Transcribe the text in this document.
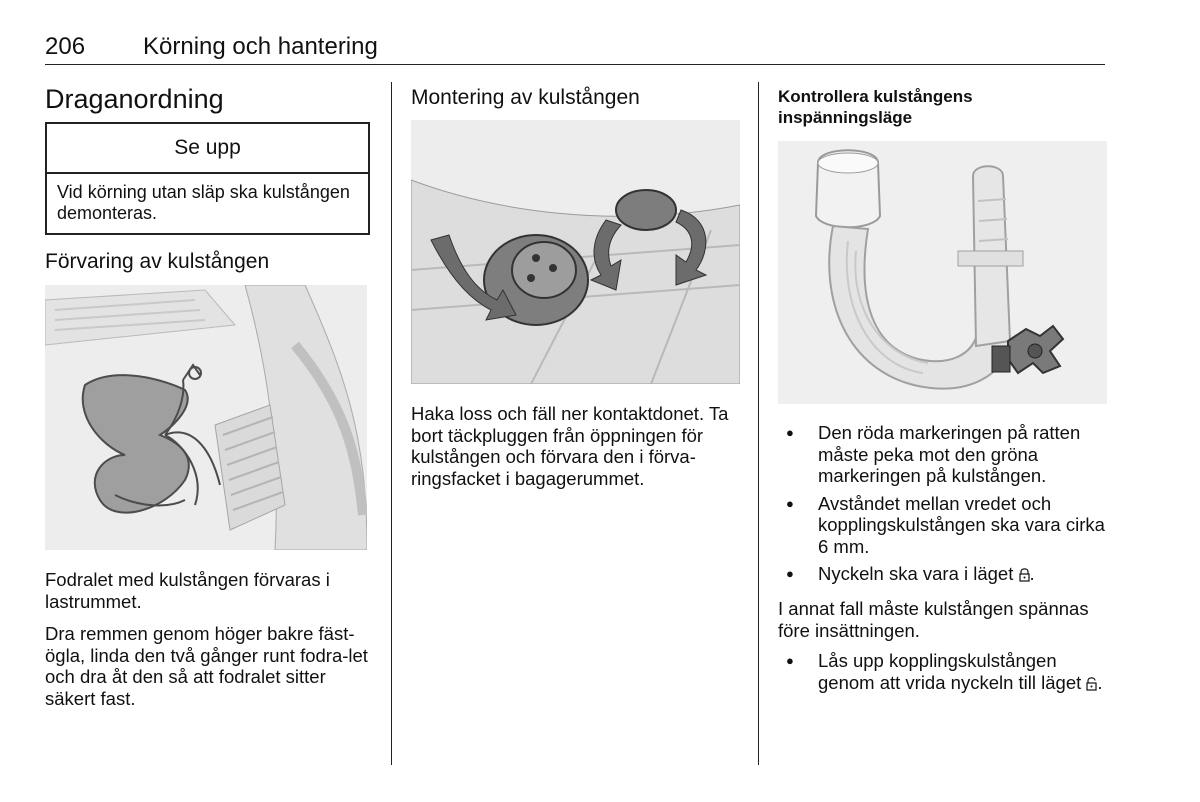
206 Körning och hantering
Draganordning
Se upp
Vid körning utan släp ska kulstången demonteras.
Förvaring av kulstången
Fodralet med kulstången förvaras i lastrummet.
Dra remmen genom höger bakre fäst-ögla, linda den två gånger runt fodra-let och dra åt den så att fodralet sitter säkert fast.
Montering av kulstången
Haka loss och fäll ner kontaktdonet. Ta bort täckpluggen från öppningen för kulstången och förvara den i förva-ringsfacket i bagagerummet.
Kontrollera kulstångens inspänningsläge
● Den röda markeringen på ratten måste peka mot den gröna markeringen på kulstången.
● Avståndet mellan vredet och kopplingskulstången ska vara cirka 6 mm.
● Nyckeln ska vara i läget .
I annat fall måste kulstången spännas före insättningen.
● Lås upp kopplingskulstången genom att vrida nyckeln till läget .
